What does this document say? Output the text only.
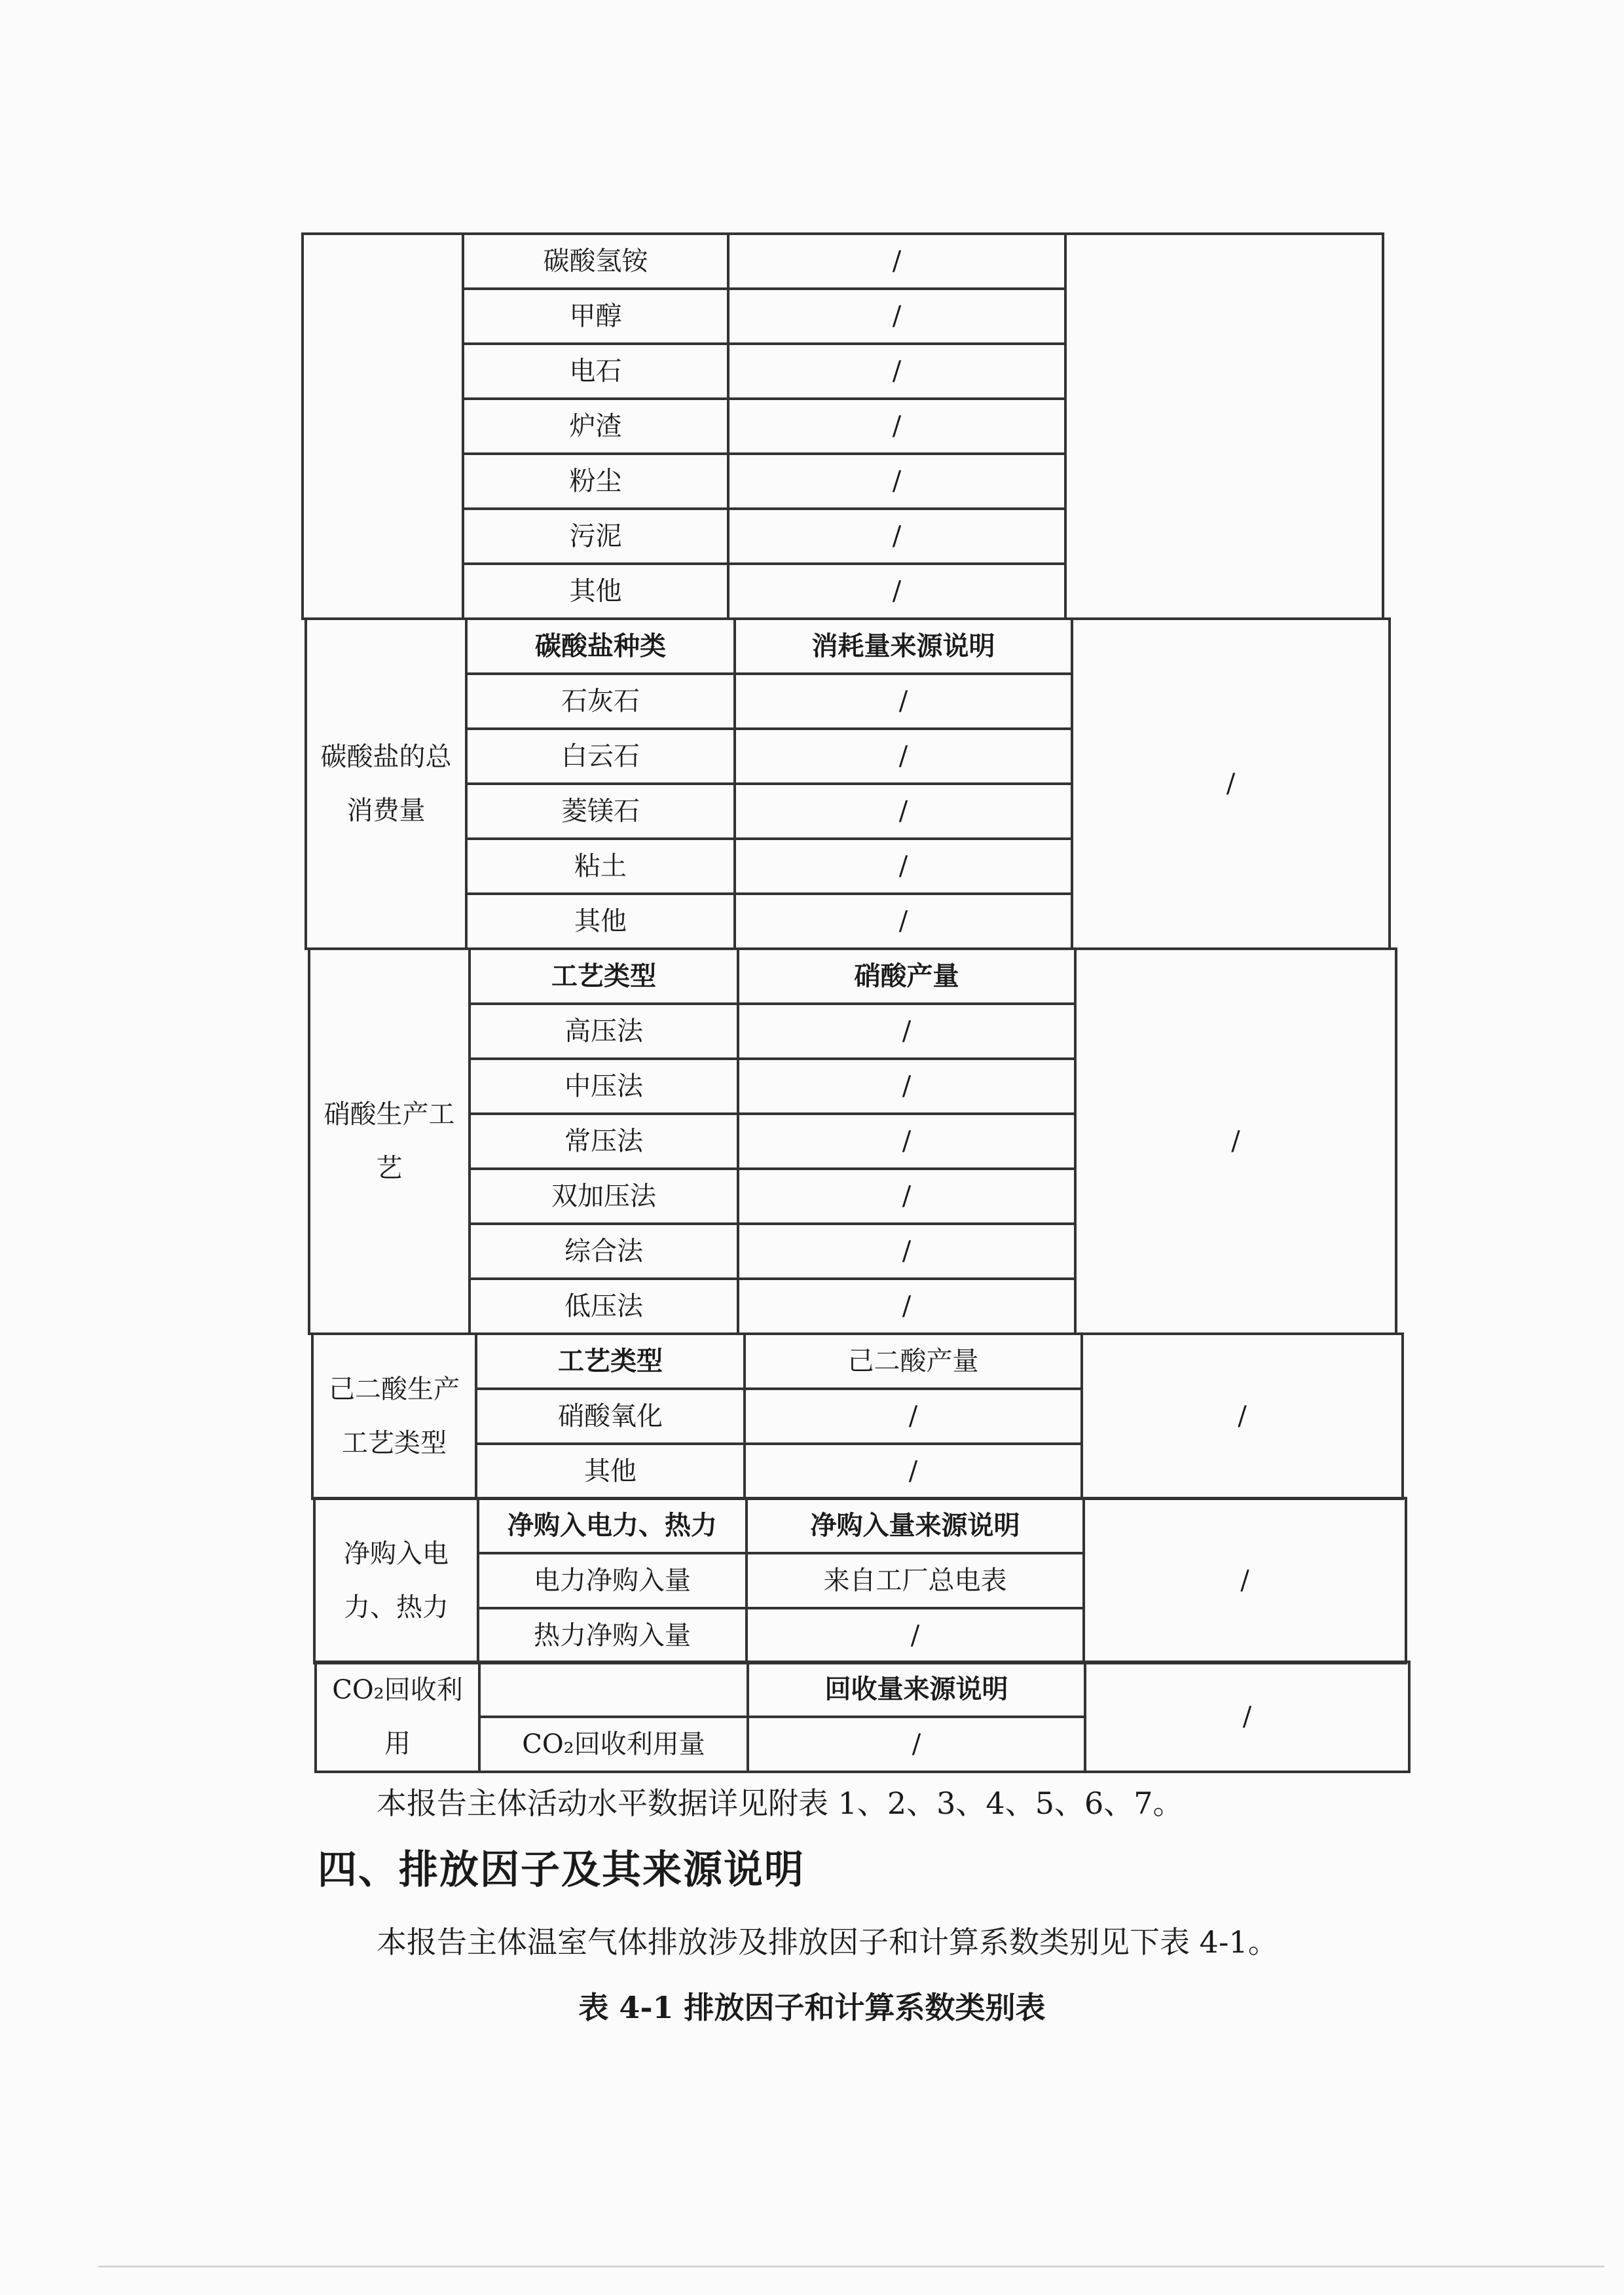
	碳酸氢铵	/	
	甲醇	/	
	电石	/	
	炉渣	/	
	粉尘	/	
	污泥	/	
	其他	/	
碳酸盐的总消费量	碳酸盐种类	消耗量来源说明	/
	石灰石	/	
	白云石	/	
	菱镁石	/	
	粘土	/	
	其他	/	
硝酸生产工艺	工艺类型	硝酸产量	/
	高压法	/	
	中压法	/	
	常压法	/	
	双加压法	/	
	综合法	/	
	低压法	/	
己二酸生产工艺类型	工艺类型	己二酸产量	/
	硝酸氧化	/	
	其他	/	
净购入电力、热力	净购入电力、热力	净购入量来源说明	/
	电力净购入量	来自工厂总电表	
	热力净购入量	/	
CO₂回收利用		回收量来源说明	/
	CO₂回收利用量	/	
本报告主体活动水平数据详见附表 1、2、3、4、5、6、7。
四、排放因子及其来源说明
本报告主体温室气体排放涉及排放因子和计算系数类别见下表 4-1。
表 4-1 排放因子和计算系数类别表
